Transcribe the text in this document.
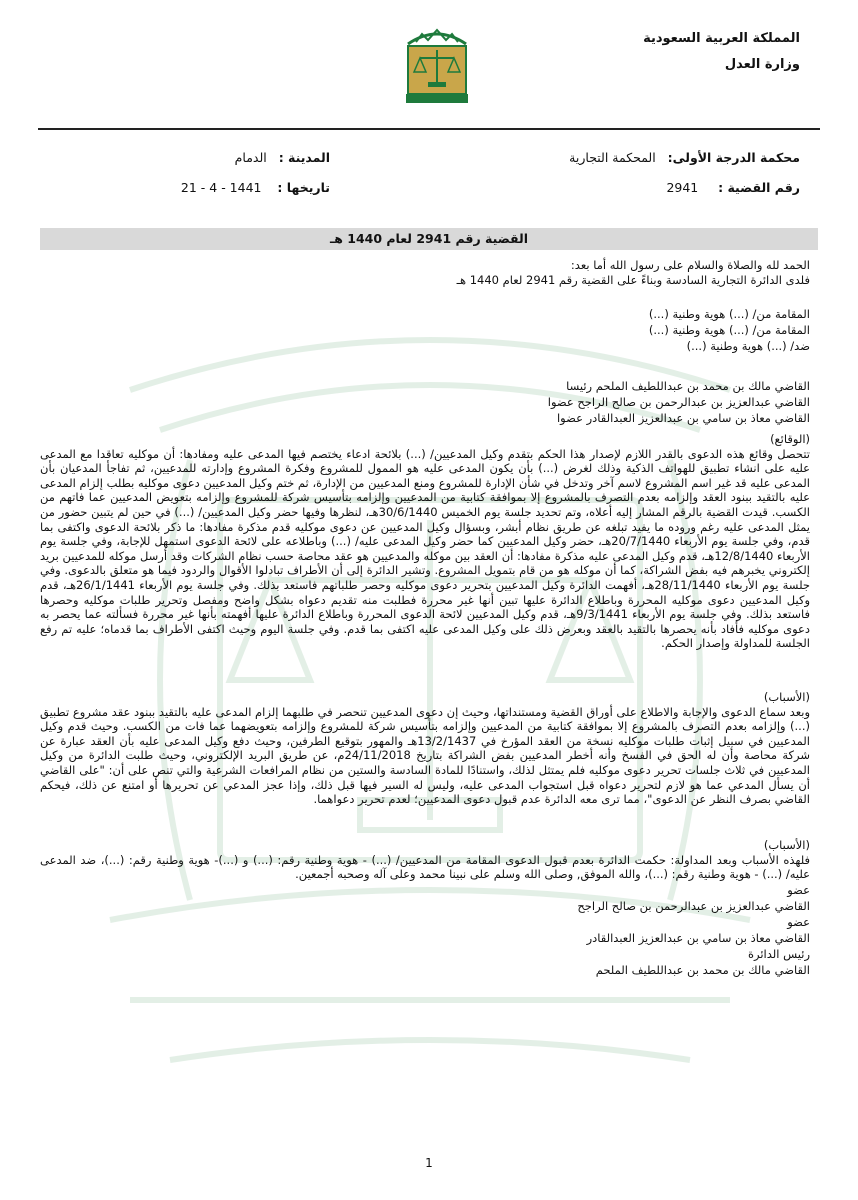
المملكة العربية السعودية
وزارة العدل
محكمة الدرجة الأولى:   المحكمة التجارية
المدينة :   الدمام
رقم القضية :     2941
تاريخها :    21 - 4 - 1441
القضية رقم 2941 لعام 1440 هـ

الحمد لله والصلاة والسلام على رسول الله أما بعد:

فلدى الدائرة التجارية السادسة وبناءً على القضية رقم 2941 لعام 1440 هـ

المقامة من/ (...) هوية وطنية (...)
المقامة من/ (...) هوية وطنية (...)
ضد/ (...) هوية وطنية (...)
القاضي مالك بن محمد بن عبداللطيف الملحم رئيسا
القاضي عبدالعزيز بن عبدالرحمن بن صالح الراجح عضوا
القاضي معاذ بن سامي بن عبدالعزيز العبدالقادر عضوا

(الوقائع)

تتحصل وقائع هذه الدعوى بالقدر اللازم لإصدار هذا الحكم بتقدم وكيل المدعيين/ (...) بلائحة ادعاء يختصم فيها المدعى عليه ومفادها: أن موكليه تعاقدا مع المدعى عليه على انشاء تطبيق للهواتف الذكية وذلك لغرض (...) بأن يكون المدعى عليه هو الممول للمشروع وفكرة المشروع وإدارته للمدعيين، ثم تفاجأ المدعيان بأن المدعى عليه قد غير اسم المشروع لاسم آخر وتدخل في شأن الإدارة للمشروع ومنع المدعيين من الإدارة، ثم ختم وكيل المدعيين دعوى موكليه بطلب إلزام المدعى عليه بالتقيد ببنود العقد وإلزامه بعدم التصرف بالمشروع إلا بموافقة كتابية من المدعيين وإلزامه بتأسيس شركة للمشروع وإلزامه بتعويض المدعيين عما فاتهم من الكسب. قيدت القضية بالرقم المشار إليه أعلاه، وتم تحديد جلسة يوم الخميس 30/6/1440هـ، لنظرها وفيها حضر وكيل المدعيين/ (...) في حين لم يتبين حضور من يمثل المدعى عليه رغم وروده ما يفيد تبلغه عن طريق نظام أبشر، وبسؤال وكيل المدعيين عن دعوى موكليه قدم مذكرة مفادها: ما ذكر بلائحة الدعوى واكتفى بما قدم، وفي جلسة يوم الأربعاء 20/7/1440هـ، حضر وكيل المدعيين كما حضر وكيل المدعى عليه/ (...) وباطلاعه على لائحة الدعوى استمهل للإجابة، وفي جلسة يوم الأربعاء 12/8/1440هـ، قدم وكيل المدعى عليه مذكرة مفادها: أن العقد بين موكله والمدعيين هو عقد محاصة حسب نظام الشركات وقد أرسل موكله للمدعيين بريد إلكتروني يخبرهم فيه بفض الشراكة، كما أن موكله هو من قام بتمويل المشروع. وتشير الدائرة إلى أن الأطراف تبادلوا الأقوال والردود فيما هو متعلق بالدعوى. وفي جلسة يوم الأربعاء 28/11/1440هـ، أفهمت الدائرة وكيل المدعيين بتحرير دعوى موكليه وحصر طلباتهم فاستعد بذلك. وفي جلسة يوم الأربعاء 26/1/1441هـ، قدم وكيل المدعيين دعوى موكليه المحررة وباطلاع الدائرة عليها تبين أنها غير محررة فطلبت منه تقديم دعواه بشكل واضح ومفصل وتحرير طلبات موكليه وحصرها فاستعد بذلك. وفي جلسة يوم الأربعاء 9/3/1441هـ، قدم وكيل المدعيين لائحة الدعوى المحررة وباطلاع الدائرة عليها أفهمته بأنها غير محررة فسألته عما يحصر به دعوى موكليه فأفاد بأنه يحصرها بالتقيد بالعقد وبعرض ذلك على وكيل المدعى عليه اكتفى بما قدم. وفي جلسة اليوم وحيث اكتفى الأطراف بما قدماه؛ عليه تم رفع الجلسة للمداولة وإصدار الحكم.

(الأسباب)

وبعد سماع الدعوى والإجابة والاطلاع على أوراق القضية ومستنداتها، وحيث إن دعوى المدعيين تنحصر في طلبهما إلزام المدعى عليه بالتقيد ببنود عقد مشروع تطبيق (...) وإلزامه بعدم التصرف بالمشروع إلا بموافقة كتابية من المدعيين وإلزامه بتأسيس شركة للمشروع وإلزامه بتعويضهما عما فات من الكسب. وحيث قدم وكيل المدعيين في سبيل إثبات طلبات موكليه نسخة من العقد المؤرخ في 13/2/1437هـ والمهور بتوقيع الطرفين، وحيث دفع وكيل المدعى عليه بأن العقد عبارة عن شركة محاصة وأن له الحق في الفسخ وأنه أخطر المدعيين بفض الشراكة بتاريخ 24/11/2018م، عن طريق البريد الإلكتروني، وحيث طلبت الدائرة من وكيل المدعيين في ثلاث جلسات تحرير دعوى موكليه فلم يمتثل لذلك، واستنادًا للمادة السادسة والستين من نظام المرافعات الشرعية والتي تنص على أن: "على القاضي أن يسأل المدعي عما هو لازم لتحرير دعواه قبل استجواب المدعى عليه، وليس له السير فيها قبل ذلك، وإذا عجز المدعي عن تحريرها أو امتنع عن ذلك، فيحكم القاضي بصرف النظر عن الدعوى"، مما ترى معه الدائرة عدم قبول دعوى المدعيين؛ لعدم تحرير دعواهما.

(الأسباب)

فلهذه الأسباب وبعد المداولة: حكمت الدائرة بعدم قبول الدعوى المقامة من المدعيين/ (...) - هوية وطنية رقم: (...) و (...)- هوية وطنية رقم: (...)، ضد المدعى عليه/ (...) - هوية وطنية رقم: (...)، والله الموفق, وصلى الله وسلم على نبينا محمد وعلى آله وصحبه أجمعين.

عضو
القاضي عبدالعزيز بن عبدالرحمن بن صالح الراجح
عضو
القاضي معاذ بن سامي بن عبدالعزيز العبدالقادر
رئيس الدائرة
القاضي مالك بن محمد بن عبداللطيف الملحم
1
